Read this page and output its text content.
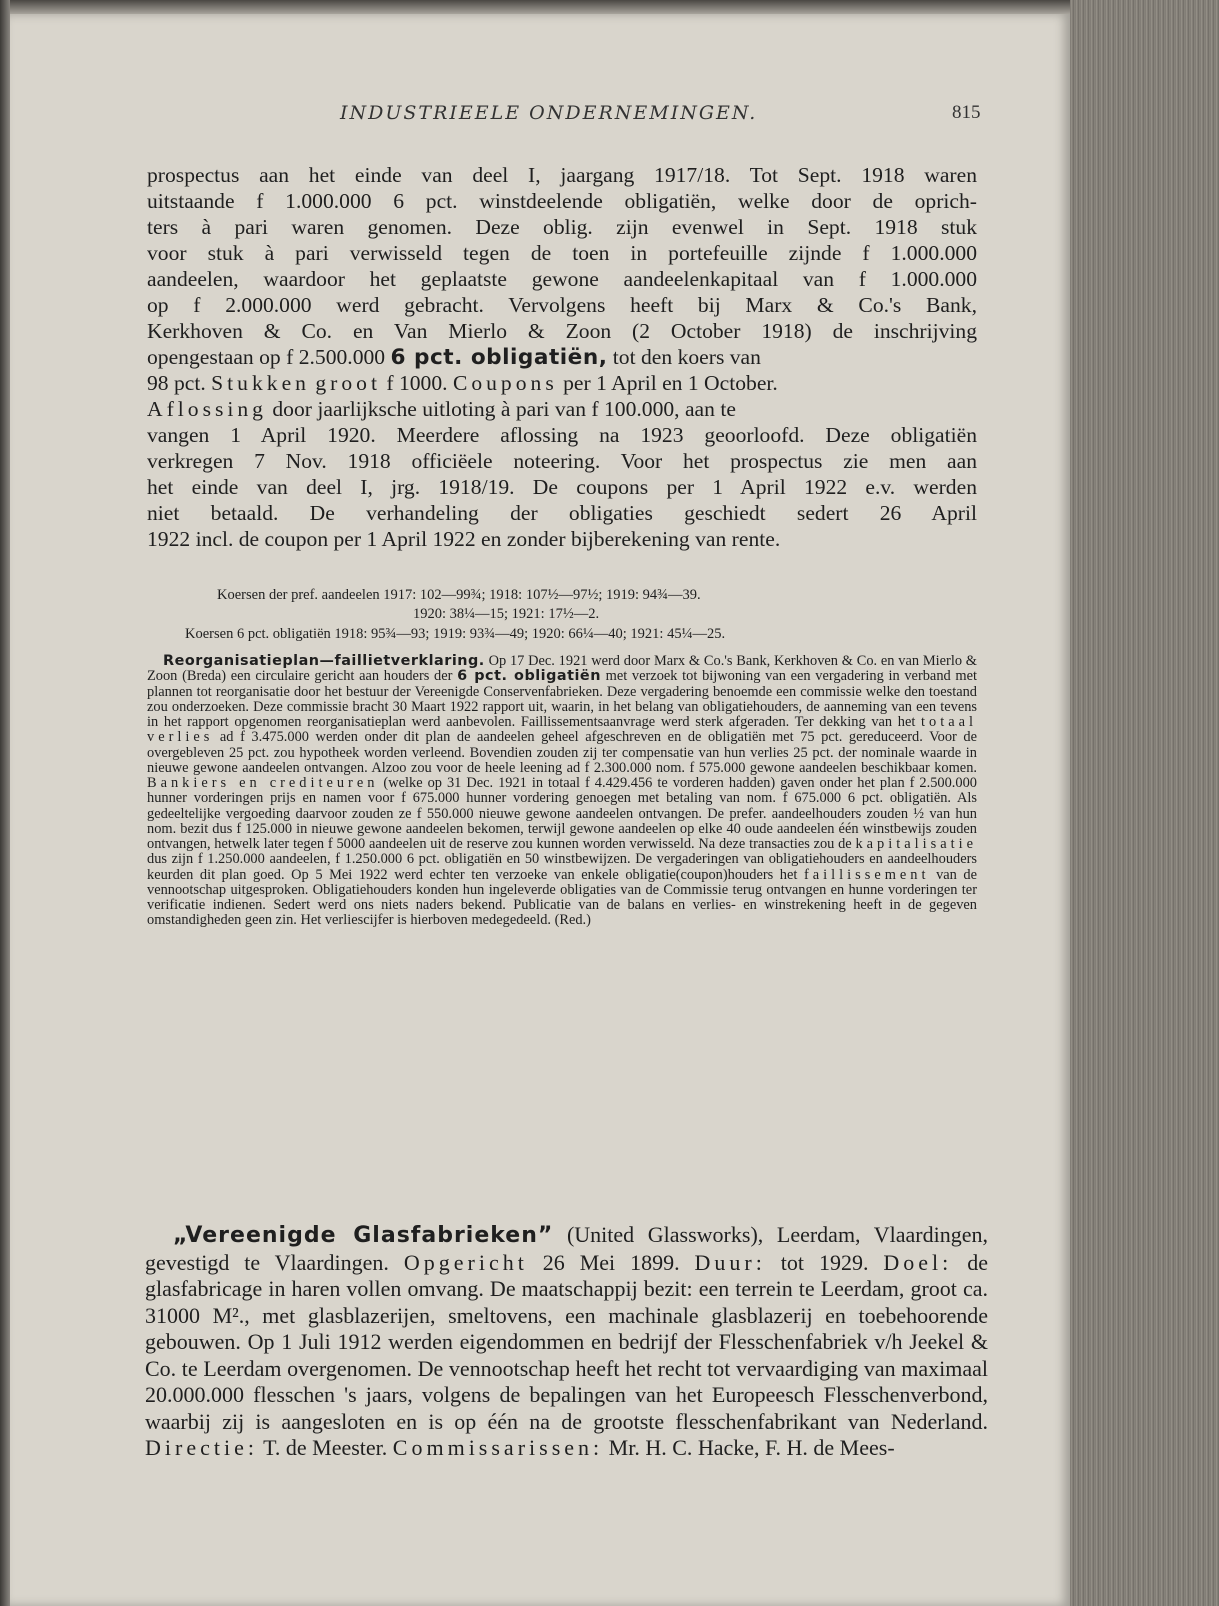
INDUSTRIEELE ONDERNEMINGEN.	815

prospectus aan het einde van deel I, jaargang 1917/18. Tot Sept. 1918 waren

uitstaande f 1.000.000 6 pct. winstdeelende obligatiën, welke door de oprich-

ters à pari waren genomen. Deze oblig. zijn evenwel in Sept. 1918 stuk

voor stuk à pari verwisseld tegen de toen in portefeuille zijnde f 1.000.000

aandeelen, waardoor het geplaatste gewone aandeelenkapitaal van f 1.000.000

op f 2.000.000 werd gebracht. Vervolgens heeft bij Marx & Co.'s Bank,

Kerkhoven & Co. en Van Mierlo & Zoon (2 October 1918) de inschrijving

opengestaan op f 2.500.000 6 pct. obligatiën, tot den koers van

98 pct. Stukken groot f 1000. Coupons per 1 April en 1 October.

Aflossing door jaarlijksche uitloting à pari van f 100.000, aan te

vangen 1 April 1920. Meerdere aflossing na 1923 geoorloofd. Deze obligatiën

verkregen 7 Nov. 1918 officiëele noteering. Voor het prospectus zie men aan

het einde van deel I, jrg. 1918/19. De coupons per 1 April 1922 e.v. werden

niet betaald. De verhandeling der obligaties geschiedt sedert 26 April

1922 incl. de coupon per 1 April 1922 en zonder bijberekening van rente.

Koersen der pref. aandeelen 1917: 102—99¾; 1918: 107½—97½; 1919: 94¾—39.

1920: 38¼—15; 1921: 17½—2.

Koersen 6 pct. obligatiën 1918: 95¾—93; 1919: 93¾—49; 1920: 66¼—40; 1921: 45¼—25.

Reorganisatieplan—faillietverklaring. Op 17 Dec. 1921 werd door Marx & Co.'s Bank, Kerkhoven & Co. en van Mierlo & Zoon (Breda) een circulaire gericht aan houders der 6 pct. obligatiën met verzoek tot bijwoning van een vergadering in verband met plannen tot reorganisatie door het bestuur der Vereenigde Conservenfabrieken. Deze vergadering benoemde een commissie welke den toestand zou onderzoeken. Deze commissie bracht 30 Maart 1922 rapport uit, waarin, in het belang van obligatiehouders, de aanneming van een tevens in het rapport opgenomen reorganisatieplan werd aanbevolen. Faillissementsaanvrage werd sterk afgeraden. Ter dekking van het totaal verlies ad f 3.475.000 werden onder dit plan de aandeelen geheel afgeschreven en de obligatiën met 75 pct. gereduceerd. Voor de overgebleven 25 pct. zou hypotheek worden verleend. Bovendien zouden zij ter compensatie van hun verlies 25 pct. der nominale waarde in nieuwe gewone aandeelen ontvangen. Alzoo zou voor de heele leening ad f 2.300.000 nom. f 575.000 gewone aandeelen beschikbaar komen. Bankiers en crediteuren (welke op 31 Dec. 1921 in totaal f 4.429.456 te vorderen hadden) gaven onder het plan f 2.500.000 hunner vorderingen prijs en namen voor f 675.000 hunner vordering genoegen met betaling van nom. f 675.000 6 pct. obligatiën. Als gedeeltelijke vergoeding daarvoor zouden ze f 550.000 nieuwe gewone aandeelen ontvangen. De prefer. aandeelhouders zouden ½ van hun nom. bezit dus f 125.000 in nieuwe gewone aandeelen bekomen, terwijl gewone aandeelen op elke 40 oude aandeelen één winstbewijs zouden ontvangen, hetwelk later tegen f 5000 aandeelen uit de reserve zou kunnen worden verwisseld. Na deze transacties zou de kapitalisatie dus zijn f 1.250.000 aandeelen, f 1.250.000 6 pct. obligatiën en 50 winstbewijzen. De vergaderingen van obligatiehouders en aandeelhouders keurden dit plan goed. Op 5 Mei 1922 werd echter ten verzoeke van enkele obligatie(coupon)houders het faillissement van de vennootschap uitgesproken. Obligatiehouders konden hun ingeleverde obligaties van de Commissie terug ontvangen en hunne vorderingen ter verificatie indienen. Sedert werd ons niets naders bekend. Publicatie van de balans en verlies- en winstrekening heeft in de gegeven omstandigheden geen zin. Het verliescijfer is hierboven medegedeeld. (Red.)

„Vereenigde Glasfabrieken” (United Glassworks), Leerdam, Vlaardingen, gevestigd te Vlaardingen. Opgericht 26 Mei 1899. Duur: tot 1929. Doel: de glasfabricage in haren vollen omvang. De maatschappij bezit: een terrein te Leerdam, groot ca. 31000 M²., met glasblazerijen, smeltovens, een machinale glasblazerij en toebehoorende gebouwen. Op 1 Juli 1912 werden eigendommen en bedrijf der Flesschenfabriek v/h Jeekel & Co. te Leerdam overgenomen. De vennootschap heeft het recht tot vervaardiging van maximaal 20.000.000 flesschen 's jaars, volgens de bepalingen van het Europeesch Flesschenverbond, waarbij zij is aangesloten en is op één na de grootste flesschenfabrikant van Nederland. Directie: T. de Meester. Commissarissen: Mr. H. C. Hacke, F. H. de Mees-
